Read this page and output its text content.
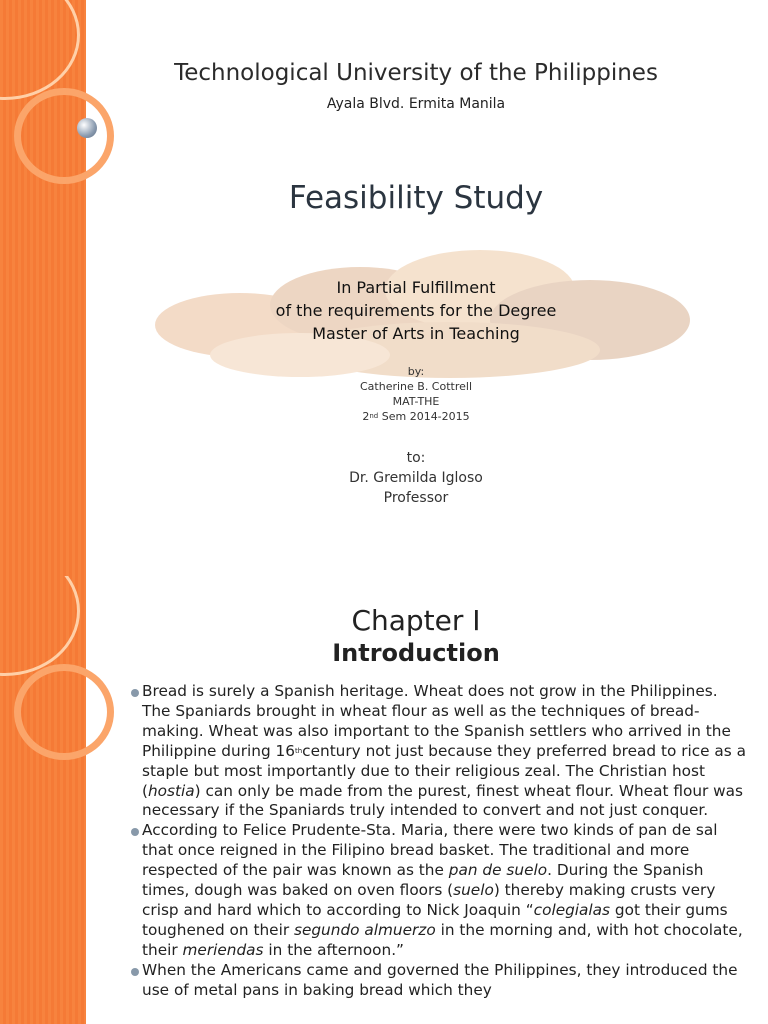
Technological University of the Philippines
Ayala Blvd. Ermita Manila
Feasibility Study
In Partial Fulfillment
of the requirements for the Degree
Master of Arts in Teaching
by:
Catherine B. Cottrell
MAT-THE
2nd Sem 2014-2015
to:
Dr. Gremilda Igloso
Professor
Chapter I
Introduction

Bread is surely a Spanish heritage. Wheat does not grow in the Philippines. The Spaniards brought in wheat flour as well as the techniques of bread-making. Wheat was also important to the Spanish settlers who arrived in the Philippine during 16thcentury not just because they preferred bread to rice as a staple but most importantly due to their religious zeal. The Christian host (hostia) can only be made from the purest, finest wheat flour. Wheat flour was necessary if the Spaniards truly intended to convert and not just conquer.

According to Felice Prudente-Sta. Maria, there were two kinds of pan de sal that once reigned in the Filipino bread basket. The traditional and more respected of the pair was known as the pan de suelo. During the Spanish times, dough was baked on oven floors (suelo) thereby making crusts very crisp and hard which to according to Nick Joaquin “colegialas got their gums toughened on their segundo almuerzo in the morning and, with hot chocolate, their meriendas in the afternoon.”

When the Americans came and governed the Philippines, they introduced the use of metal pans in baking bread which they
